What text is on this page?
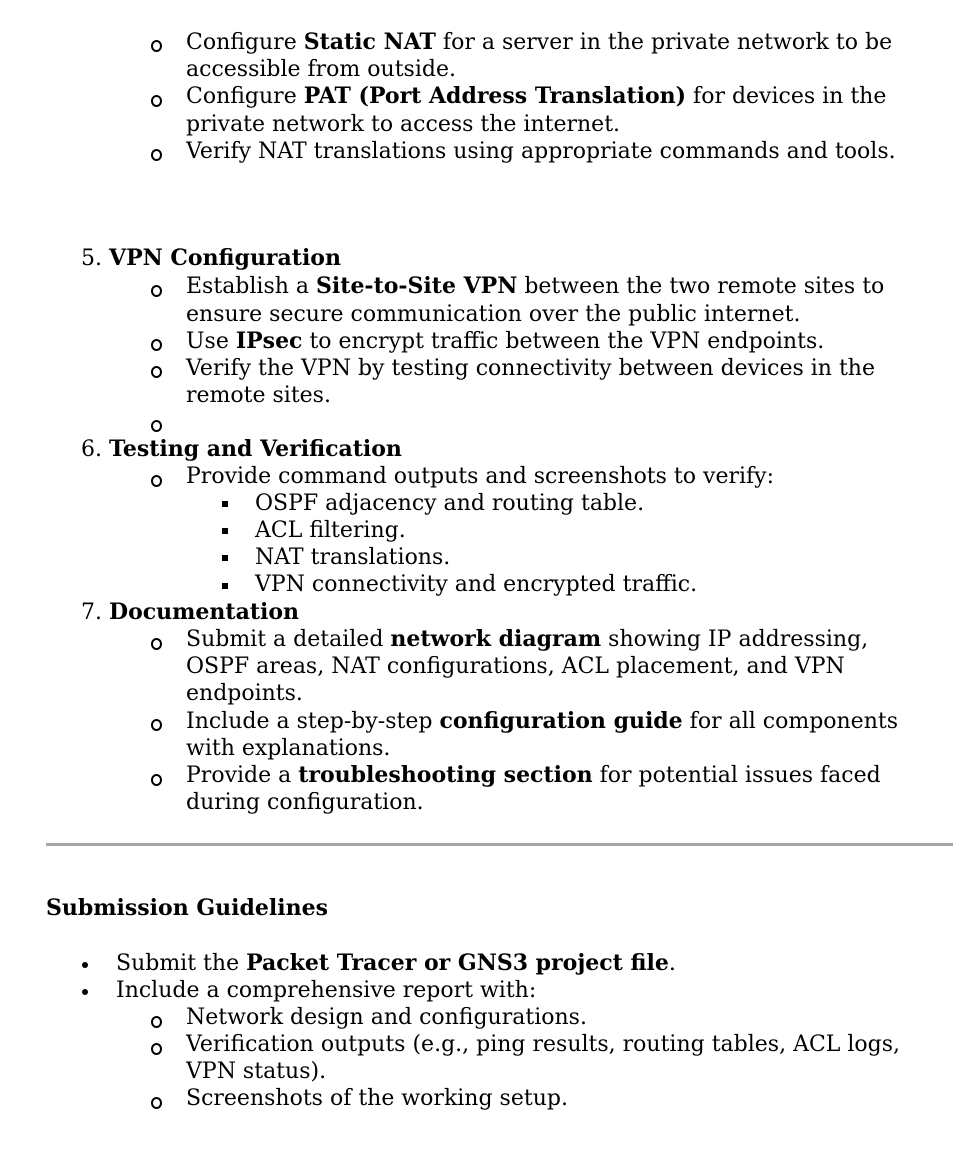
Configure Static NAT for a server in the private network to be
accessible from outside.
Configure PAT (Port Address Translation) for devices in the
private network to access the internet.
Verify NAT translations using appropriate commands and tools.
5. VPN Configuration
Establish a Site-to-Site VPN between the two remote sites to
ensure secure communication over the public internet.
Use IPsec to encrypt traffic between the VPN endpoints.
Verify the VPN by testing connectivity between devices in the
remote sites.
6. Testing and Verification
Provide command outputs and screenshots to verify:
OSPF adjacency and routing table.
ACL filtering.
NAT translations.
VPN connectivity and encrypted traffic.
7. Documentation
Submit a detailed network diagram showing IP addressing,
OSPF areas, NAT configurations, ACL placement, and VPN
endpoints.
Include a step-by-step configuration guide for all components
with explanations.
Provide a troubleshooting section for potential issues faced
during configuration.
Submission Guidelines
Submit the Packet Tracer or GNS3 project file.
Include a comprehensive report with:
Network design and configurations.
Verification outputs (e.g., ping results, routing tables, ACL logs,
VPN status).
Screenshots of the working setup.
